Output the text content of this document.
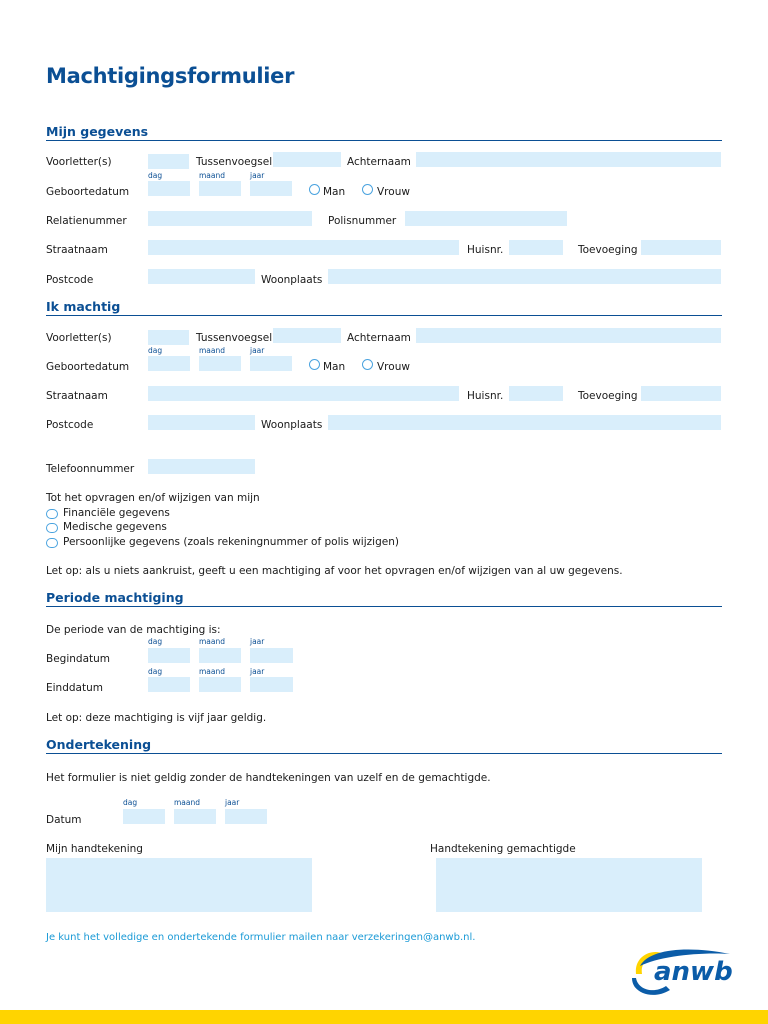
Machtigingsformulier
Mijn gegevens
Voorletter(s)	Tussenvoegsel	Achternaam
dag	maand	jaar
Geboortedatum	Man	Vrouw
Relatienummer	Polisnummer
Straatnaam	Huisnr.	Toevoeging
Postcode	Woonplaats
Ik machtig
Voorletter(s)	Tussenvoegsel	Achternaam
dag	maand	jaar
Geboortedatum	Man	Vrouw
Straatnaam	Huisnr.	Toevoeging
Postcode	Woonplaats
Telefoonnummer
Tot het opvragen en/of wijzigen van mijn
Financiële gegevens
Medische gegevens
Persoonlijke gegevens (zoals rekeningnummer of polis wijzigen)
Let op: als u niets aankruist, geeft u een machtiging af voor het opvragen en/of wijzigen van al uw gegevens.
Periode machtiging
De periode van de machtiging is:
dag	maand	jaar
Begindatum
dag	maand	jaar
Einddatum
Let op: deze machtiging is vijf jaar geldig.
Ondertekening
Het formulier is niet geldig zonder de handtekeningen van uzelf en de gemachtigde.
dag	maand	jaar
Datum
Mijn handtekening	Handtekening gemachtigde
Je kunt het volledige en ondertekende formulier mailen naar verzekeringen@anwb.nl.
anwb
